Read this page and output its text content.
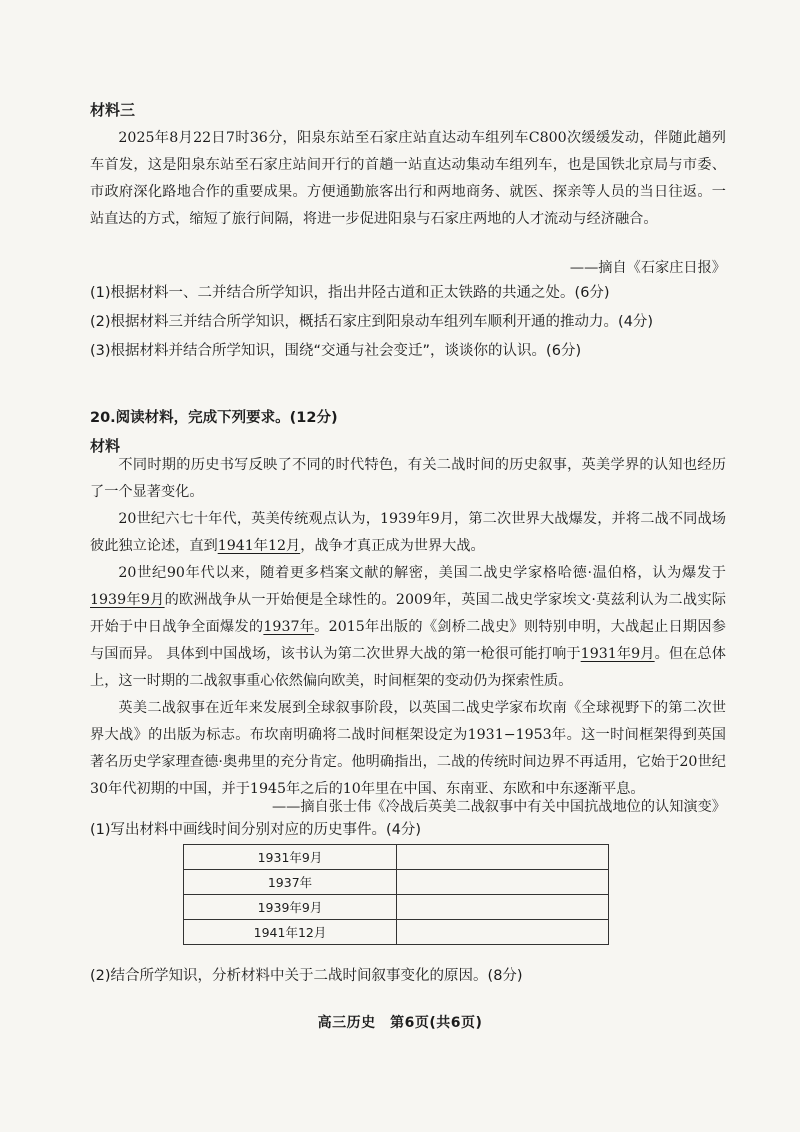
材料三

2025年8月22日7时36分，阳泉东站至石家庄站直达动车组列车C800次缓缓发动，伴随此趟列车首发，这是阳泉东站至石家庄站间开行的首趟一站直达动集动车组列车，也是国铁北京局与市委、市政府深化路地合作的重要成果。方便通勤旅客出行和两地商务、就医、探亲等人员的当日往返。一站直达的方式，缩短了旅行间隔，将进一步促进阳泉与石家庄两地的人才流动与经济融合。

——摘自《石家庄日报》

(1)根据材料一、二并结合所学知识，指出井陉古道和正太铁路的共通之处。(6分)

(2)根据材料三并结合所学知识，概括石家庄到阳泉动车组列车顺利开通的推动力。(4分)

(3)根据材料并结合所学知识，围绕“交通与社会变迁”，谈谈你的认识。(6分)

20.阅读材料，完成下列要求。(12分)

材料

不同时期的历史书写反映了不同的时代特色，有关二战时间的历史叙事，英美学界的认知也经历了一个显著变化。

20世纪六七十年代，英美传统观点认为，1939年9月，第二次世界大战爆发，并将二战不同战场彼此独立论述，直到1941年12月，战争才真正成为世界大战。

20世纪90年代以来，随着更多档案文献的解密，美国二战史学家格哈德·温伯格，认为爆发于1939年9月的欧洲战争从一开始便是全球性的。2009年，英国二战史学家埃文·莫兹利认为二战实际开始于中日战争全面爆发的1937年。2015年出版的《剑桥二战史》则特别申明，大战起止日期因参与国而异。 具体到中国战场，该书认为第二次世界大战的第一枪很可能打响于1931年9月。但在总体上，这一时期的二战叙事重心依然偏向欧美，时间框架的变动仍为探索性质。

英美二战叙事在近年来发展到全球叙事阶段，以英国二战史学家布坎南《全球视野下的第二次世界大战》的出版为标志。布坎南明确将二战时间框架设定为1931−1953年。这一时间框架得到英国著名历史学家理查德·奥弗里的充分肯定。他明确指出，二战的传统时间边界不再适用，它始于20世纪30年代初期的中国，并于1945年之后的10年里在中国、东南亚、东欧和中东逐渐平息。

——摘自张士伟《冷战后英美二战叙事中有关中国抗战地位的认知演变》

(1)写出材料中画线时间分别对应的历史事件。(4分)

1931年9月	
1937年	
1939年9月	
1941年12月	

(2)结合所学知识，分析材料中关于二战时间叙事变化的原因。(8分)

高三历史　第6页(共6页)
